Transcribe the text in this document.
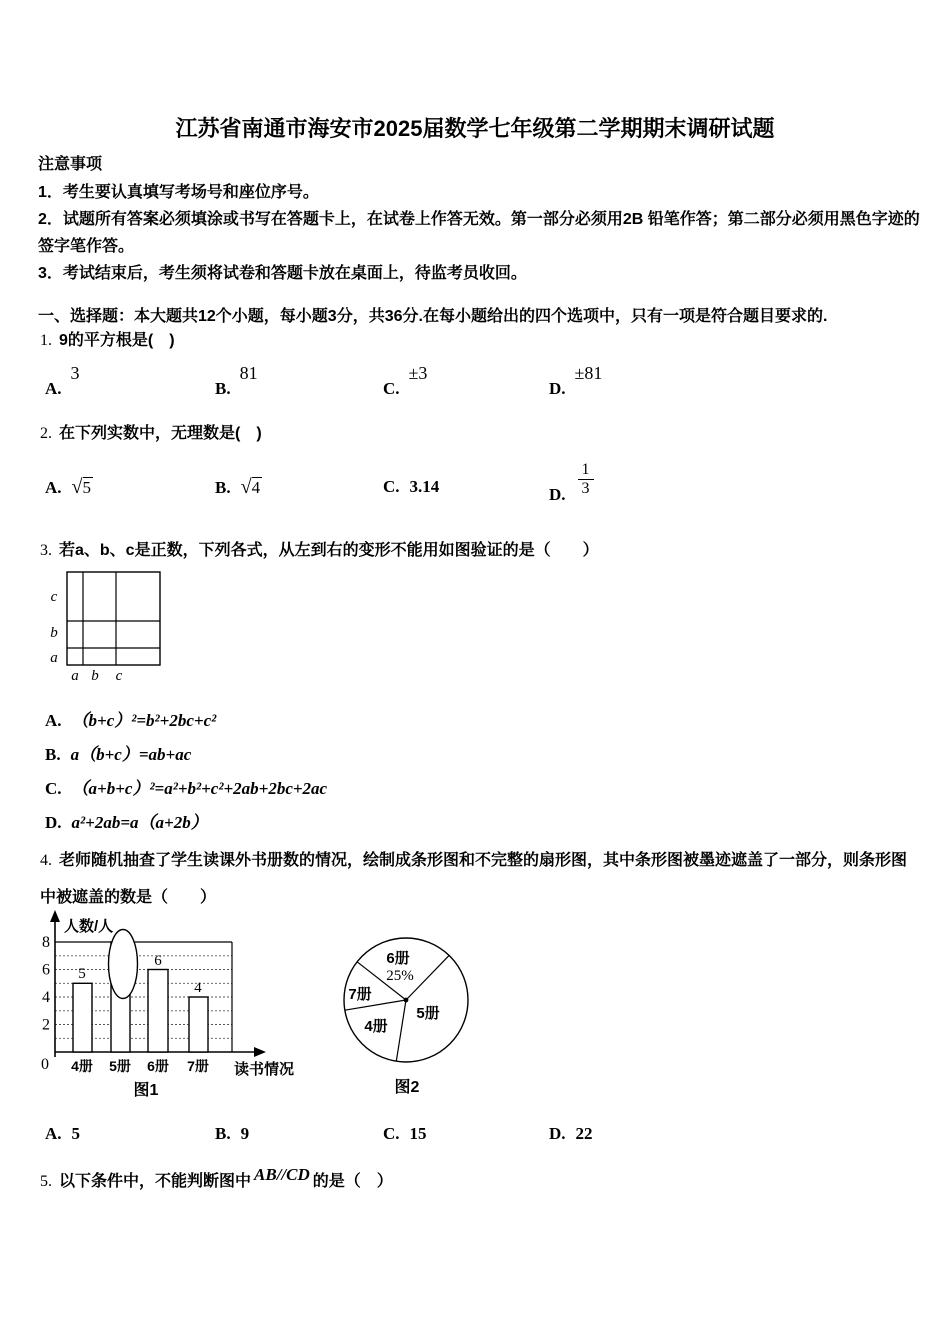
江苏省南通市海安市2025届数学七年级第二学期期末调研试题
注意事项
1．考生要认真填写考场号和座位序号。
2．试题所有答案必须填涂或书写在答题卡上，在试卷上作答无效。第一部分必须用2B 铅笔作答；第二部分必须用黑色字迹的签字笔作答。
3．考试结束后，考生须将试卷和答题卡放在桌面上，待监考员收回。
一、选择题：本大题共12个小题，每小题3分，共36分.在每小题给出的四个选项中，只有一项是符合题目要求的.
1. 9的平方根是(　)
A.3
B.81
C.±3
D.±81
2. 在下列实数中，无理数是(　)
A. √ 5	B. √ 4	C. 3.14	D. $\frac{1}{3}$
3. 若a、b、c是正数，下列各式，从左到右的变形不能用如图验证的是（　　）
c
b
a
a b c
A. （b+c）²=b²+2bc+c²
B. a（b+c）=ab+ac
C. （a+b+c）²=a²+b²+c²+2ab+2bc+2ac
D. a²+2ab=a（a+2b）
4. 老师随机抽查了学生读课外书册数的情况，绘制成条形图和不完整的扇形图，其中条形图被墨迹遮盖了一部分，则条形图中被遮盖的数是（　　）
5
6
4
8
6
4
2
0 4册 5册 6册 7册
人数/人
读书情况
图1
6册
25%
7册
4册
5册
图2
A. 5	B. 9	C. 15	D. 22
5. 以下条件中，不能判断图中 AB//CD 的是（　）
